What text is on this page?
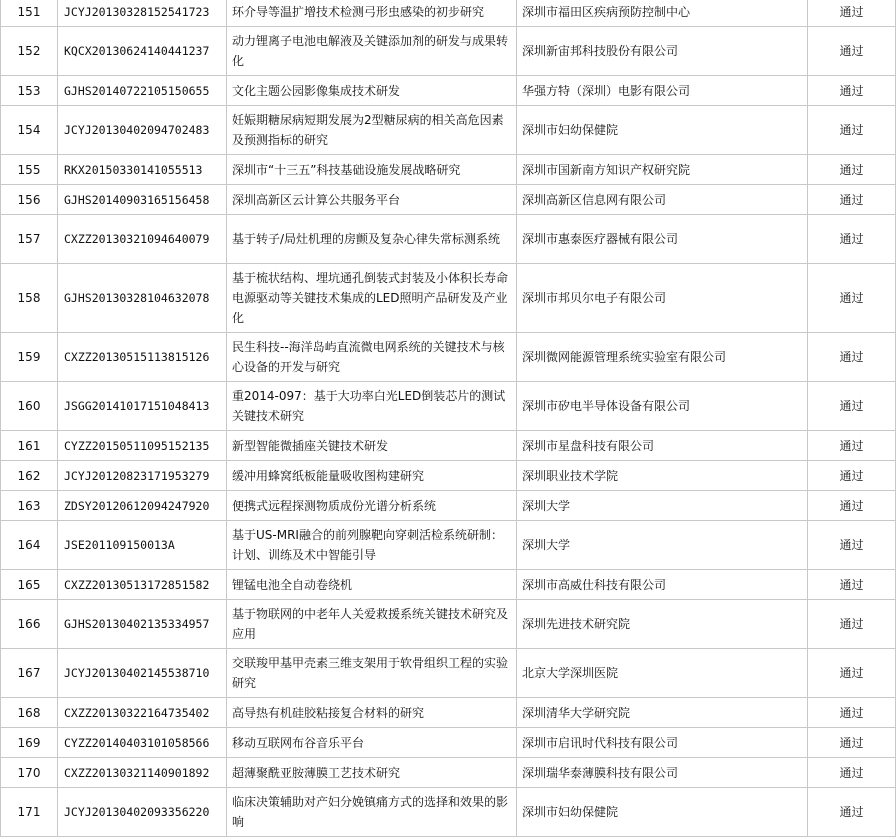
151	JCYJ20130328152541723	环介导等温扩增技术检测弓形虫感染的初步研究	深圳市福田区疾病预防控制中心	通过	
152	KQCX20130624140441237	动力锂离子电池电解液及关键添加剂的研发与成果转化	深圳新宙邦科技股份有限公司	通过	
153	GJHS20140722105150655	文化主题公园影像集成技术研发	华强方特（深圳）电影有限公司	通过	
154	JCYJ20130402094702483	妊娠期糖尿病短期发展为2型糖尿病的相关高危因素及预测指标的研究	深圳市妇幼保健院	通过	
155	RKX20150330141055513	深圳市“十三五”科技基础设施发展战略研究	深圳市国新南方知识产权研究院	通过	
156	GJHS20140903165156458	深圳高新区云计算公共服务平台	深圳高新区信息网有限公司	通过	
157	CXZZ20130321094640079	基于转子/局灶机理的房颤及复杂心律失常标测系统	深圳市惠泰医疗器械有限公司	通过	
158	GJHS20130328104632078	基于梳状结构、埋坑通孔倒装式封装及小体积长寿命电源驱动等关键技术集成的LED照明产品研发及产业化	深圳市邦贝尔电子有限公司	通过	
159	CXZZ20130515113815126	民生科技--海洋岛屿直流微电网系统的关键技术与核心设备的开发与研究	深圳微网能源管理系统实验室有限公司	通过	
160	JSGG20141017151048413	重2014-097：基于大功率白光LED倒装芯片的测试关键技术研究	深圳市矽电半导体设备有限公司	通过	
161	CYZZ20150511095152135	新型智能微插座关键技术研发	深圳市星盘科技有限公司	通过	
162	JCYJ20120823171953279	缓冲用蜂窝纸板能量吸收图构建研究	深圳职业技术学院	通过	
163	ZDSY20120612094247920	便携式远程探测物质成份光谱分析系统	深圳大学	通过	
164	JSE201109150013A	基于US-MRI融合的前列腺靶向穿刺活检系统研制：计划、训练及术中智能引导	深圳大学	通过	
165	CXZZ20130513172851582	锂锰电池全自动卷绕机	深圳市高威仕科技有限公司	通过	
166	GJHS20130402135334957	基于物联网的中老年人关爱救援系统关键技术研究及应用	深圳先进技术研究院	通过	
167	JCYJ20130402145538710	交联羧甲基甲壳素三维支架用于软骨组织工程的实验研究	北京大学深圳医院	通过	
168	CXZZ20130322164735402	高导热有机硅胶粘接复合材料的研究	深圳清华大学研究院	通过	
169	CYZZ20140403101058566	移动互联网布谷音乐平台	深圳市启讯时代科技有限公司	通过	
170	CXZZ20130321140901892	超薄聚酰亚胺薄膜工艺技术研究	深圳瑞华泰薄膜科技有限公司	通过	
171	JCYJ20130402093356220	临床决策辅助对产妇分娩镇痛方式的选择和效果的影响	深圳市妇幼保健院	通过	
